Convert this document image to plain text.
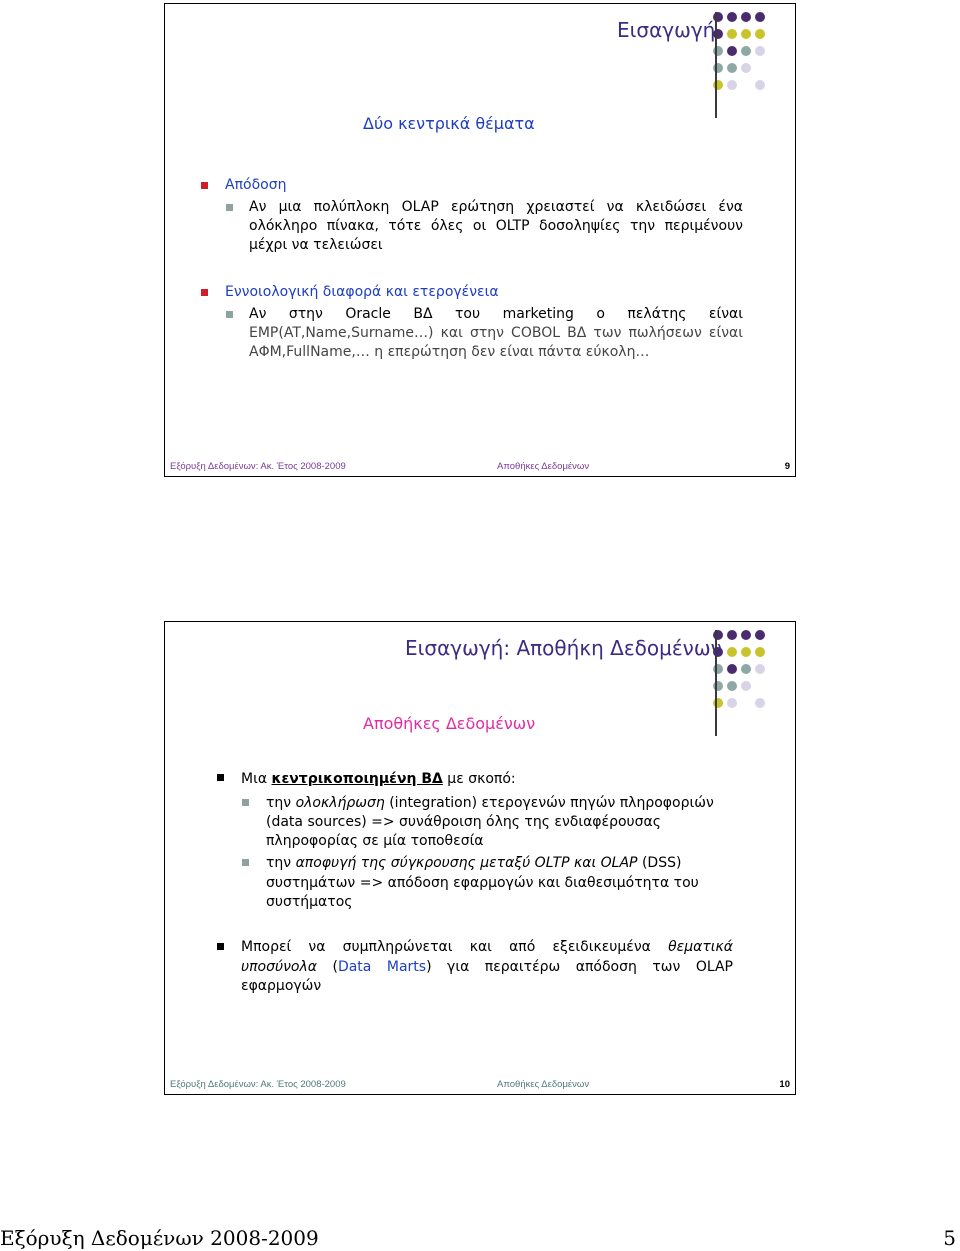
Εισαγωγή
Δύο κεντρικά θέματα
Απόδοση
Αν μια πολύπλοκη OLAP ερώτηση χρειαστεί να κλειδώσει ένα
ολόκληρο πίνακα, τότε όλες οι OLTP δοσοληψίες την περιμένουν
μέχρι να τελειώσει
Εννοιολογική διαφορά και ετερογένεια
Αν στην Oracle ΒΔ του marketing ο πελάτης είναι
EMP(AT,Name,Surname…) και στην COBOL ΒΔ των πωλήσεων είναι
ΑΦΜ,FullName,… η επερώτηση δεν είναι πάντα εύκολη…
Εξόρυξη Δεδομένων: Ακ. Έτος 2008-2009	Αποθήκες Δεδομένων	9
Εισαγωγή: Αποθήκη Δεδομένων
Αποθήκες Δεδομένων
Μια κεντρικοποιημένη ΒΔ με σκοπό:
την ολοκλήρωση (integration) ετερογενών πηγών πληροφοριών
(data sources) => συνάθροιση όλης της ενδιαφέρουσας
πληροφορίας σε μία τοποθεσία
την αποφυγή της σύγκρουσης μεταξύ OLTP και OLAP (DSS)
συστημάτων => απόδοση εφαρμογών και διαθεσιμότητα του
συστήματος
Μπορεί να συμπληρώνεται και από εξειδικευμένα θεματικά
υποσύνολα (Data Marts) για περαιτέρω απόδοση των OLAP
εφαρμογών
Εξόρυξη Δεδομένων: Ακ. Έτος 2008-2009	Αποθήκες Δεδομένων	10
Εξόρυξη Δεδομένων 2008-2009	5
